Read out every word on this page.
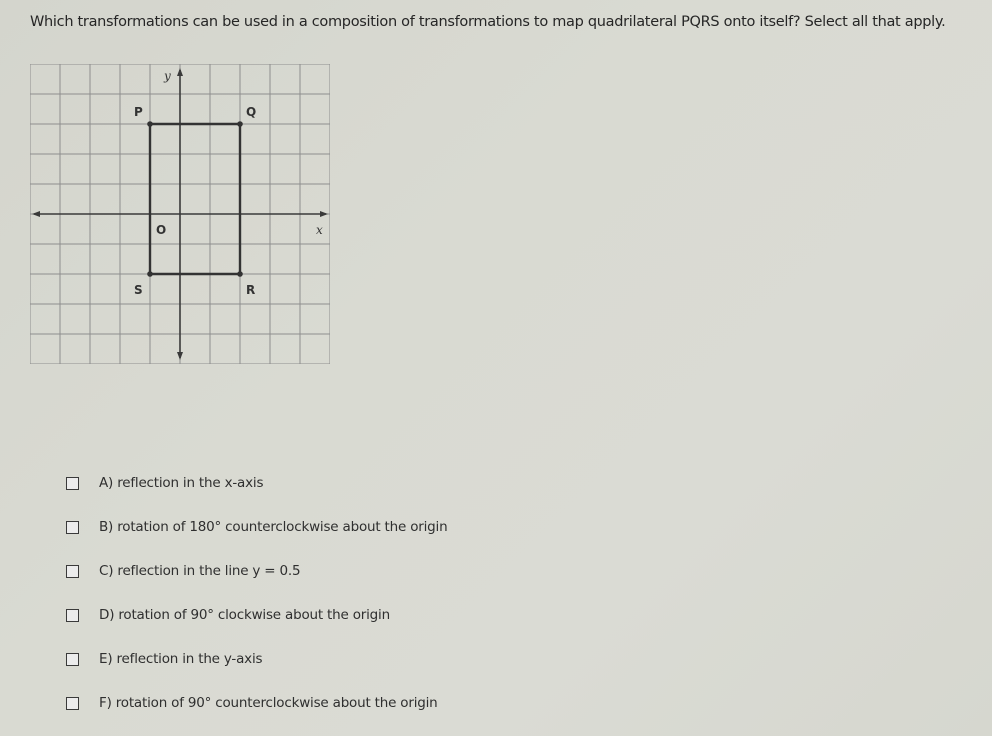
Which transformations can be used in a composition of transformations to map quadrilateral PQRS onto itself? Select all that apply.
x
y
O
P	Q
R
S
A) reflection in the x-axis
B) rotation of 180° counterclockwise about the origin
C) reflection in the line y = 0.5
D) rotation of 90° clockwise about the origin
E) reflection in the y-axis
F) rotation of 90° counterclockwise about the origin
